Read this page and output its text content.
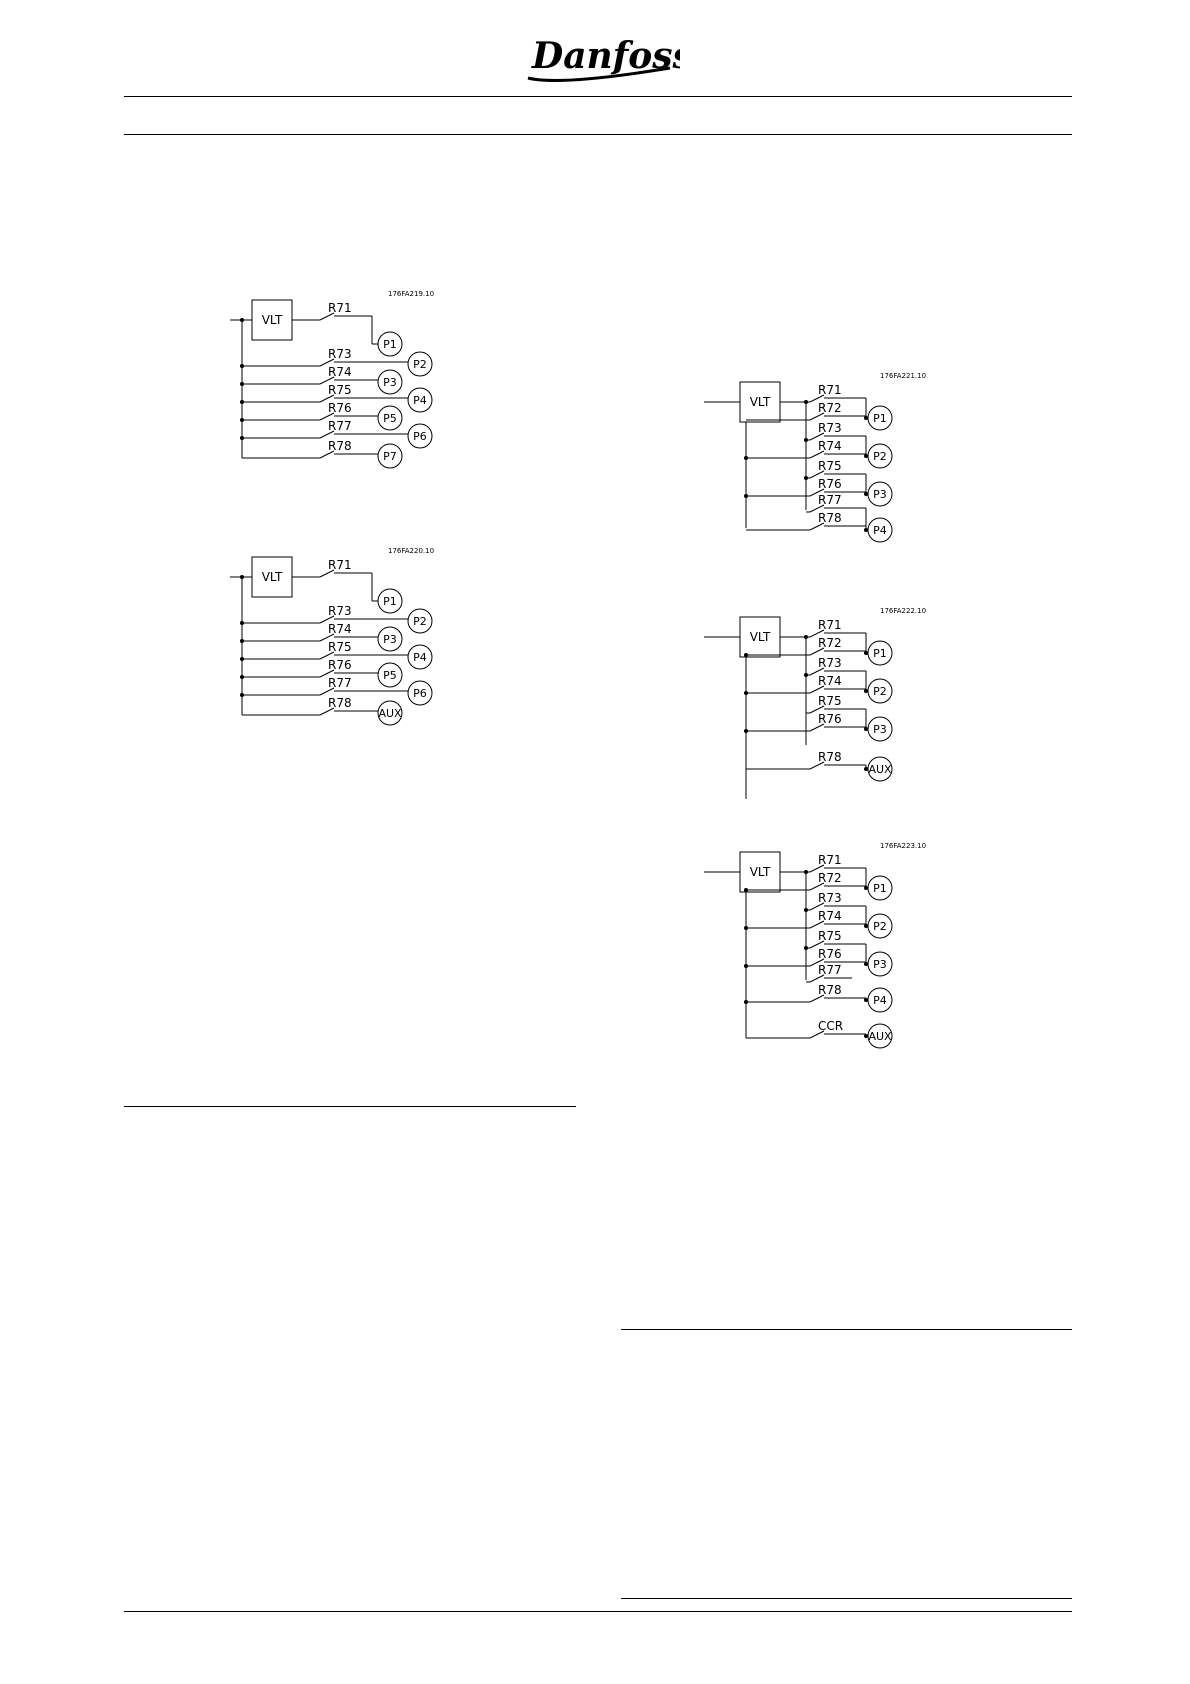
Danfoss
176FA219.10
VLT
R71
P1
R73
P2
R74
P3
R75
P4
R76
P5
R77
P6
R78
P7
176FA220.10
VLT
R71
P1
R73
P2
R74
P3
R75
P4
R76
P5
R77
P6
R78
AUX
176FA221.10
VLT
R71
R72
R73
R74
R75
R76
R77
R78
P1
P2
P3
P4
176FA222.10
VLT
R71
R72
R73
R74
R75
R76
R78
P1
P2
P3
AUX
176FA223.10
VLT
R71
R72
R73
R74
R75
R76
R77
R78
CCR
P1
P2
P3
P4
AUX
